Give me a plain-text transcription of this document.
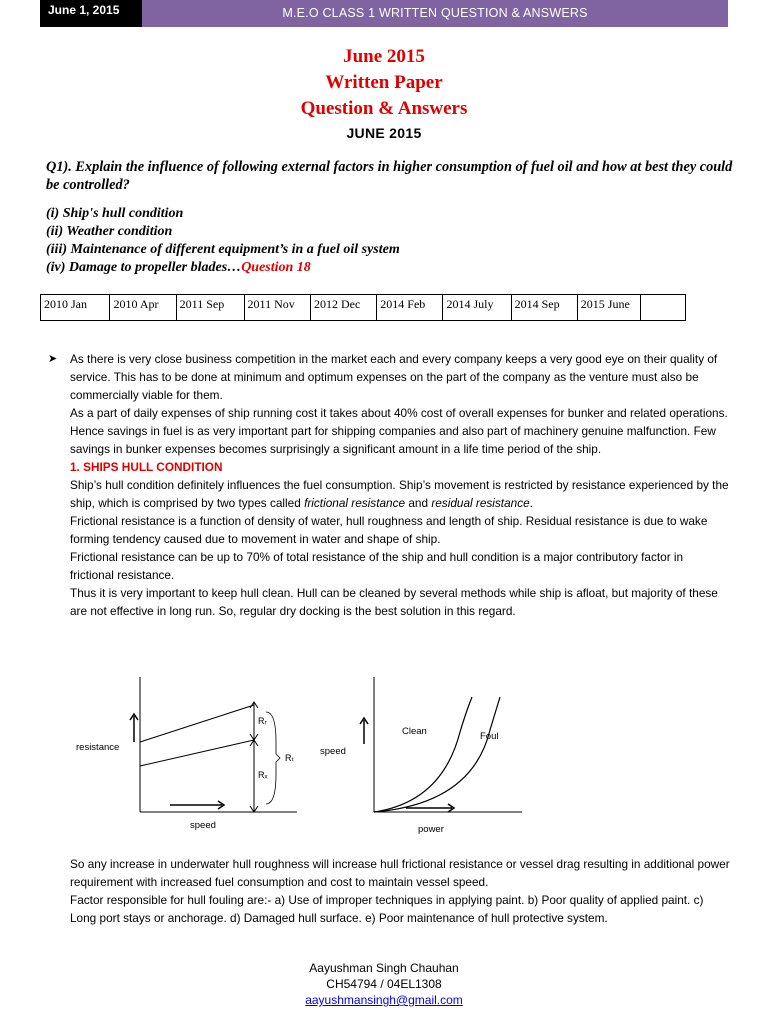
June 1, 2015	M.E.O CLASS 1 WRITTEN QUESTION & ANSWERS
June 2015
Written Paper
Question & Answers
JUNE 2015
Q1). Explain the influence of following external factors in higher consumption of fuel oil and how at best they could be controlled?
(i) Ship's hull condition
(ii) Weather condition
(iii) Maintenance of different equipment’s in a fuel oil system
(iv) Damage to propeller blades…Question 18
2010 Jan	2010 Apr	2011 Sep	2011 Nov	2012 Dec	2014 Feb	2014 July	2014 Sep	2015 June	
➤ As there is very close business competition in the market each and every company keeps a very good eye on their quality of service. This has to be done at minimum and optimum expenses on the part of the company as the venture must also be commercially viable for them.

As a part of daily expenses of ship running cost it takes about 40% cost of overall expenses for bunker and related operations.

Hence savings in fuel is as very important part for shipping companies and also part of machinery genuine malfunction. Few savings in bunker expenses becomes surprisingly a significant amount in a life time period of the ship.

1. SHIPS HULL CONDITION

Ship’s hull condition definitely influences the fuel consumption. Ship’s movement is restricted by resistance experienced by the ship, which is comprised by two types called frictional resistance and residual resistance.

Frictional resistance is a function of density of water, hull roughness and length of ship. Residual resistance is due to wake forming tendency caused due to movement in water and shape of ship.

Frictional resistance can be up to 70% of total resistance of the ship and hull condition is a major contributory factor in frictional resistance.

Thus it is very important to keep hull clean. Hull can be cleaned by several methods while ship is afloat, but majority of these are not effective in long run. So, regular dry docking is the best solution in this regard.

resistance
speed
Rᵣ
Rₓ
Rₜ
speed
power
Clean	Foul

So any increase in underwater hull roughness will increase hull frictional resistance or vessel drag resulting in additional power requirement with increased fuel consumption and cost to maintain vessel speed.

Factor responsible for hull fouling are:- a) Use of improper techniques in applying paint. b) Poor quality of applied paint. c) Long port stays or anchorage. d) Damaged hull surface. e) Poor maintenance of hull protective system.

Aayushman Singh Chauhan
CH54794 / 04EL1308
aayushmansingh@gmail.com
